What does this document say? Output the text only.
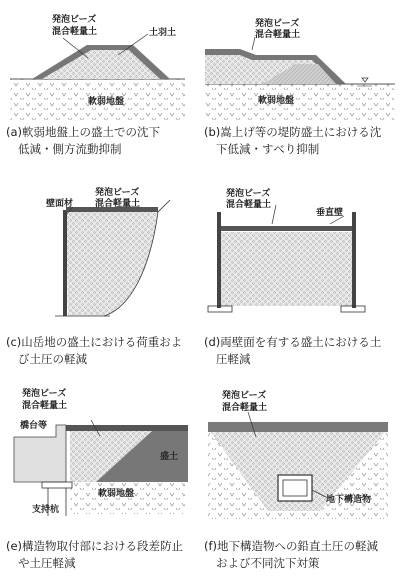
発泡ビーズ
混合軽量土	土羽土
軟弱地盤
発泡ビーズ
混合軽量土
軟弱地盤
壁面材
発泡ビーズ
混合軽量土
発泡ビーズ
混合軽量土
垂直壁
発泡ビーズ
混合軽量土
橋台等
盛土
軟弱地盤
支持杭
発泡ビーズ
混合軽量土
地下構造物
(a)軟弱地盤上の盛土での沈下
低減・側方流動抑制
(b)嵩上げ等の堤防盛土における沈
下低減・すべり抑制
(c)山岳地の盛土における荷重およ
び土圧の軽減
(d)両壁面を有する盛土における土
圧軽減
(e)構造物取付部における段差防止
や土圧軽減
(f)地下構造物への鉛直土圧の軽減
および不同沈下対策
